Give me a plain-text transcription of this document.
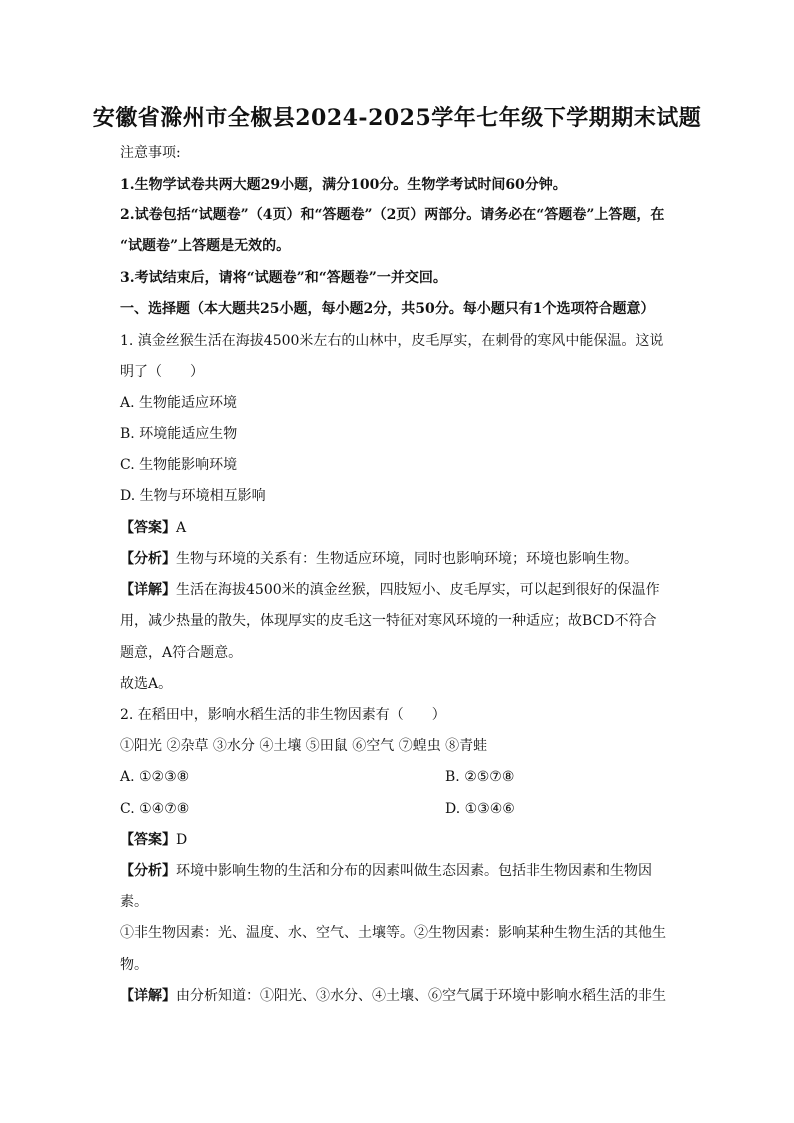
安徽省滁州市全椒县2024-2025学年七年级下学期期末试题
注意事项:
1.生物学试卷共两大题29小题，满分100分。生物学考试时间60分钟。
2.试卷包括“试题卷”（4页）和“答题卷”（2页）两部分。请务必在“答题卷”上答题，在
“试题卷”上答题是无效的。
3.考试结束后，请将“试题卷”和“答题卷”一并交回。
一、选择题（本大题共25小题，每小题2分，共50分。每小题只有1个选项符合题意）
1. 滇金丝猴生活在海拔4500米左右的山林中，皮毛厚实，在刺骨的寒风中能保温。这说
明了（　　）
A. 生物能适应环境
B. 环境能适应生物
C. 生物能影响环境
D. 生物与环境相互影响
【答案】A
【分析】生物与环境的关系有：生物适应环境，同时也影响环境；环境也影响生物。
【详解】生活在海拔4500米的滇金丝猴，四肢短小、皮毛厚实，可以起到很好的保温作
用，减少热量的散失，体现厚实的皮毛这一特征对寒风环境的一种适应；故BCD不符合
题意，A符合题意。
故选A。
2. 在稻田中，影响水稻生活的非生物因素有（　　）
①阳光 ②杂草 ③水分 ④土壤 ⑤田鼠 ⑥空气 ⑦蝗虫 ⑧青蛙
A. ①②③⑧	B. ②⑤⑦⑧
C. ①④⑦⑧	D. ①③④⑥
【答案】D
【分析】环境中影响生物的生活和分布的因素叫做生态因素。包括非生物因素和生物因
素。
①非生物因素：光、温度、水、空气、土壤等。②生物因素：影响某种生物生活的其他生
物。
【详解】由分析知道：①阳光、③水分、④土壤、⑥空气属于环境中影响水稻生活的非生
